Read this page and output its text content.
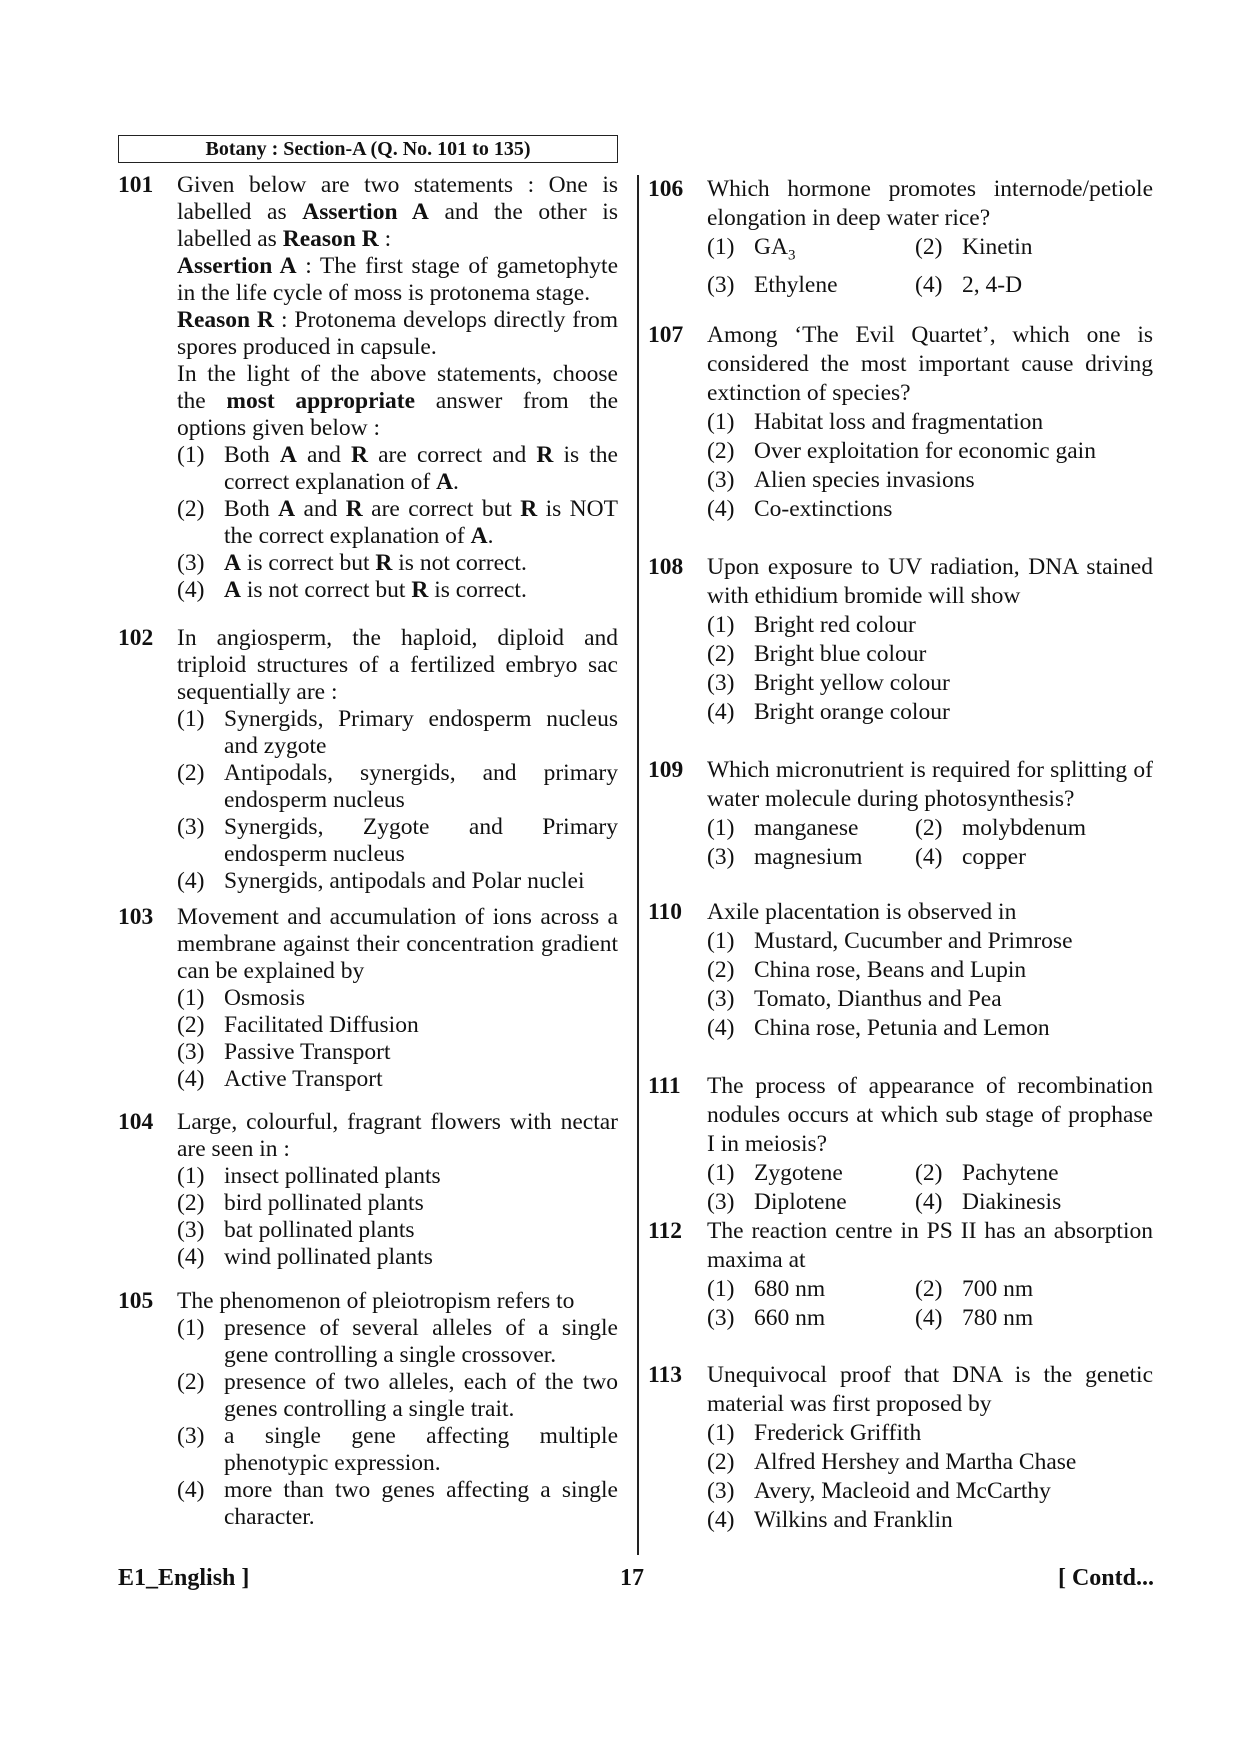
Botany : Section-A (Q. No. 101 to 135)
101 Given below are two statements : One is labelled as Assertion A and the other is labelled as Reason R :
Assertion A : The first stage of gametophyte in the life cycle of moss is protonema stage.
Reason R : Protonema develops directly from spores produced in capsule.
In the light of the above statements, choose the most appropriate answer from the options given below :
(1) Both A and R are correct and R is the correct explanation of A.
(2) Both A and R are correct but R is NOT the correct explanation of A.
(3) A is correct but R is not correct.
(4) A is not correct but R is correct.
102 In angiosperm, the haploid, diploid and triploid structures of a fertilized embryo sac sequentially are :
(1) Synergids, Primary endosperm nucleus and zygote
(2) Antipodals, synergids, and primary endosperm nucleus
(3) Synergids, Zygote and Primary endosperm nucleus
(4) Synergids, antipodals and Polar nuclei
103 Movement and accumulation of ions across a membrane against their concentration gradient can be explained by
(1) Osmosis
(2) Facilitated Diffusion
(3) Passive Transport
(4) Active Transport
104 Large, colourful, fragrant flowers with nectar are seen in :
(1) insect pollinated plants
(2) bird pollinated plants
(3) bat pollinated plants
(4) wind pollinated plants
105 The phenomenon of pleiotropism refers to
(1) presence of several alleles of a single gene controlling a single crossover.
(2) presence of two alleles, each of the two genes controlling a single trait.
(3) a single gene affecting multiple phenotypic expression.
(4) more than two genes affecting a single character.
106 Which hormone promotes internode/petiole elongation in deep water rice?
(1) $GA_3$	(2) Kinetin
(3) Ethylene	(4) 2, 4-D
107 Among ‘The Evil Quartet’, which one is considered the most important cause driving extinction of species?
(1) Habitat loss and fragmentation
(2) Over exploitation for economic gain
(3) Alien species invasions
(4) Co-extinctions
108 Upon exposure to UV radiation, DNA stained with ethidium bromide will show
(1) Bright red colour
(2) Bright blue colour
(3) Bright yellow colour
(4) Bright orange colour
109 Which micronutrient is required for splitting of water molecule during photosynthesis?
(1) manganese	(2) molybdenum
(3) magnesium	(4) copper
110 Axile placentation is observed in
(1) Mustard, Cucumber and Primrose
(2) China rose, Beans and Lupin
(3) Tomato, Dianthus and Pea
(4) China rose, Petunia and Lemon
111 The process of appearance of recombination nodules occurs at which sub stage of prophase I in meiosis?
(1) Zygotene	(2) Pachytene
(3) Diplotene	(4) Diakinesis
112 The reaction centre in PS II has an absorption maxima at
(1) 680 nm	(2) 700 nm
(3) 660 nm	(4) 780 nm
113 Unequivocal proof that DNA is the genetic material was first proposed by
(1) Frederick Griffith
(2) Alfred Hershey and Martha Chase
(3) Avery, Macleoid and McCarthy
(4) Wilkins and Franklin
E1_English ]	17	[ Contd...
